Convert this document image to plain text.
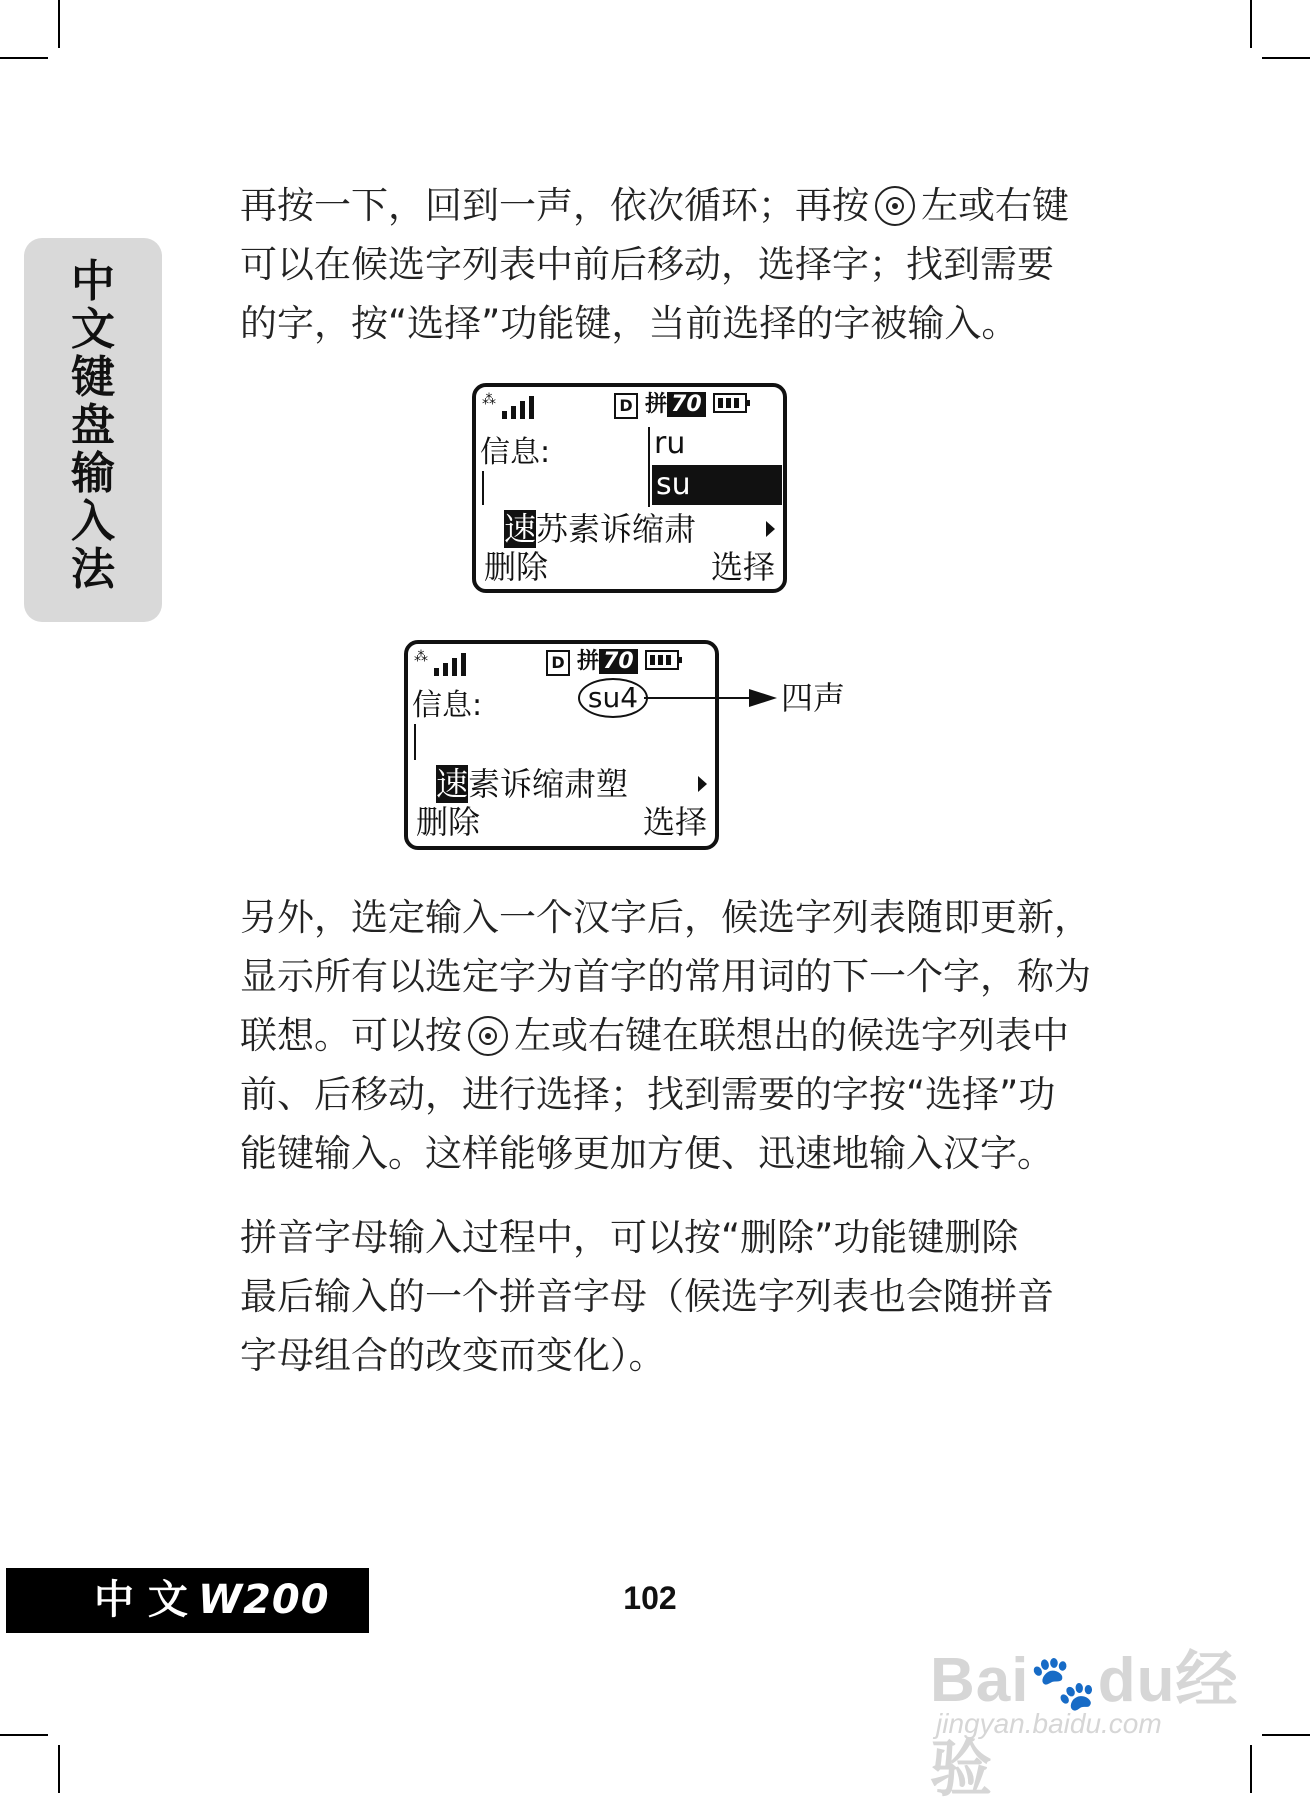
中
文
键
盘
输
入
法
再按一下，回到一声，依次循环；再按 左或右键
可以在候选字列表中前后移动，选择字；找到需要
的字，按“选择”功能键，当前选择的字被输入。
⁂	D 拼 70
信息:	ru
su
速苏素诉缩肃
删除	选择
⁂	D 拼 70
信息:	su4
速素诉缩肃塑
删除	选择
四声
另外，选定输入一个汉字后，候选字列表随即更新，
显示所有以选定字为首字的常用词的下一个字，称为
联想。可以按 左或右键在联想出的候选字列表中
前、后移动，进行选择；找到需要的字按“选择”功
能键输入。这样能够更加方便、迅速地输入汉字。
拼音字母输入过程中，可以按“删除”功能键删除
最后输入的一个拼音字母（候选字列表也会随拼音
字母组合的改变而变化）。
中 文 W200	102
Bai🐾du经验
jingyan.baidu.com
